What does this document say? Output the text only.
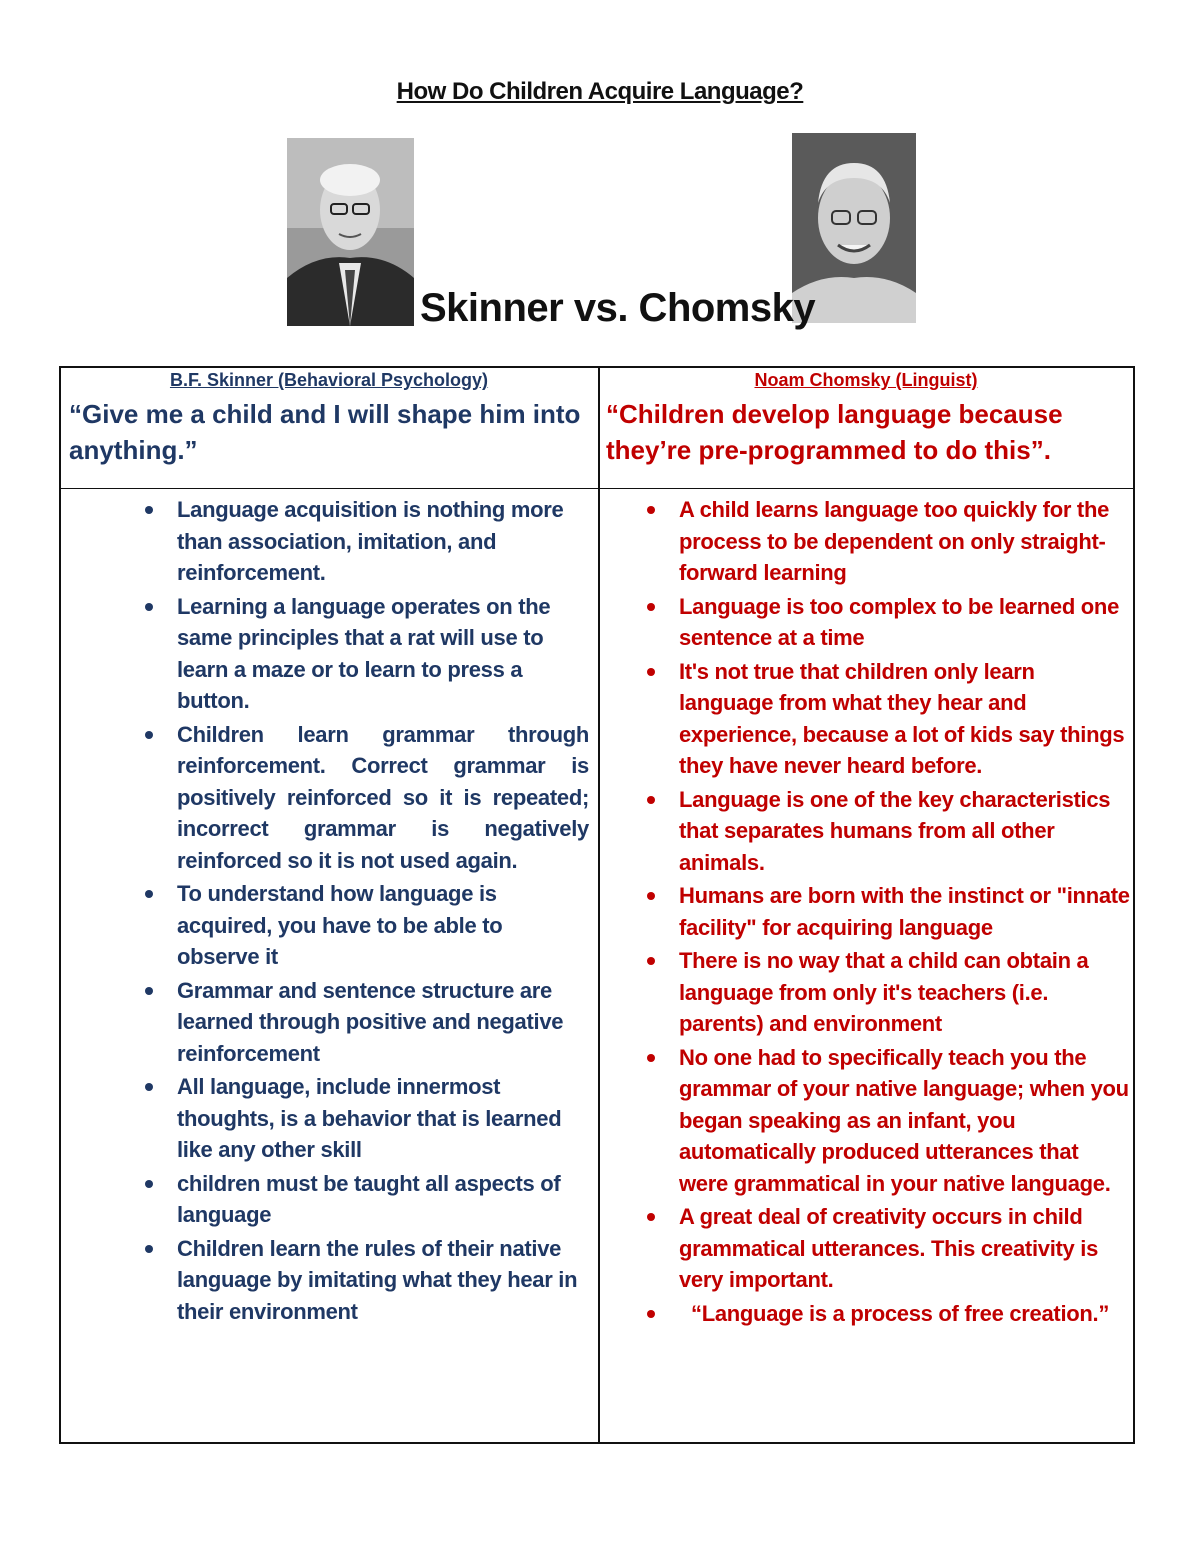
How Do Children Acquire Language?
Skinner vs. Chomsky
B.F. Skinner (Behavioral Psychology)
“Give me a child and I will shape him into anything.”
Noam Chomsky (Linguist)
“Children develop language because they’re pre-programmed to do this”.
Language acquisition is nothing more than association, imitation, and reinforcement.
Learning a language operates on the same principles that a rat will use to learn a maze or to learn to press a button.
Children learn grammar through reinforcement. Correct grammar is positively reinforced so it is repeated; incorrect grammar is negatively reinforced so it is not used again.
To understand how language is acquired, you have to be able to observe it
Grammar and sentence structure are learned through positive and negative reinforcement
All language, include innermost thoughts, is a behavior that is learned like any other skill
children must be taught all aspects of language
Children learn the rules of their native language by imitating what they hear in their environment
A child learns language too quickly for the process to be dependent on only straight-forward learning
Language is too complex to be learned one sentence at a time
It's not true that children only learn language from what they hear and experience, because a lot of kids say things they have never heard before.
Language is one of the key characteristics that separates humans from all other animals.
Humans are born with the instinct or "innate facility" for acquiring language
There is no way that a child can obtain a language from only it's teachers (i.e. parents) and environment
No one had to specifically teach you the grammar of your native language; when you began speaking as an infant, you automatically produced utterances that were grammatical in your native language.
A great deal of creativity occurs in child grammatical utterances. This creativity is very important.
“Language is a process of free creation.”
